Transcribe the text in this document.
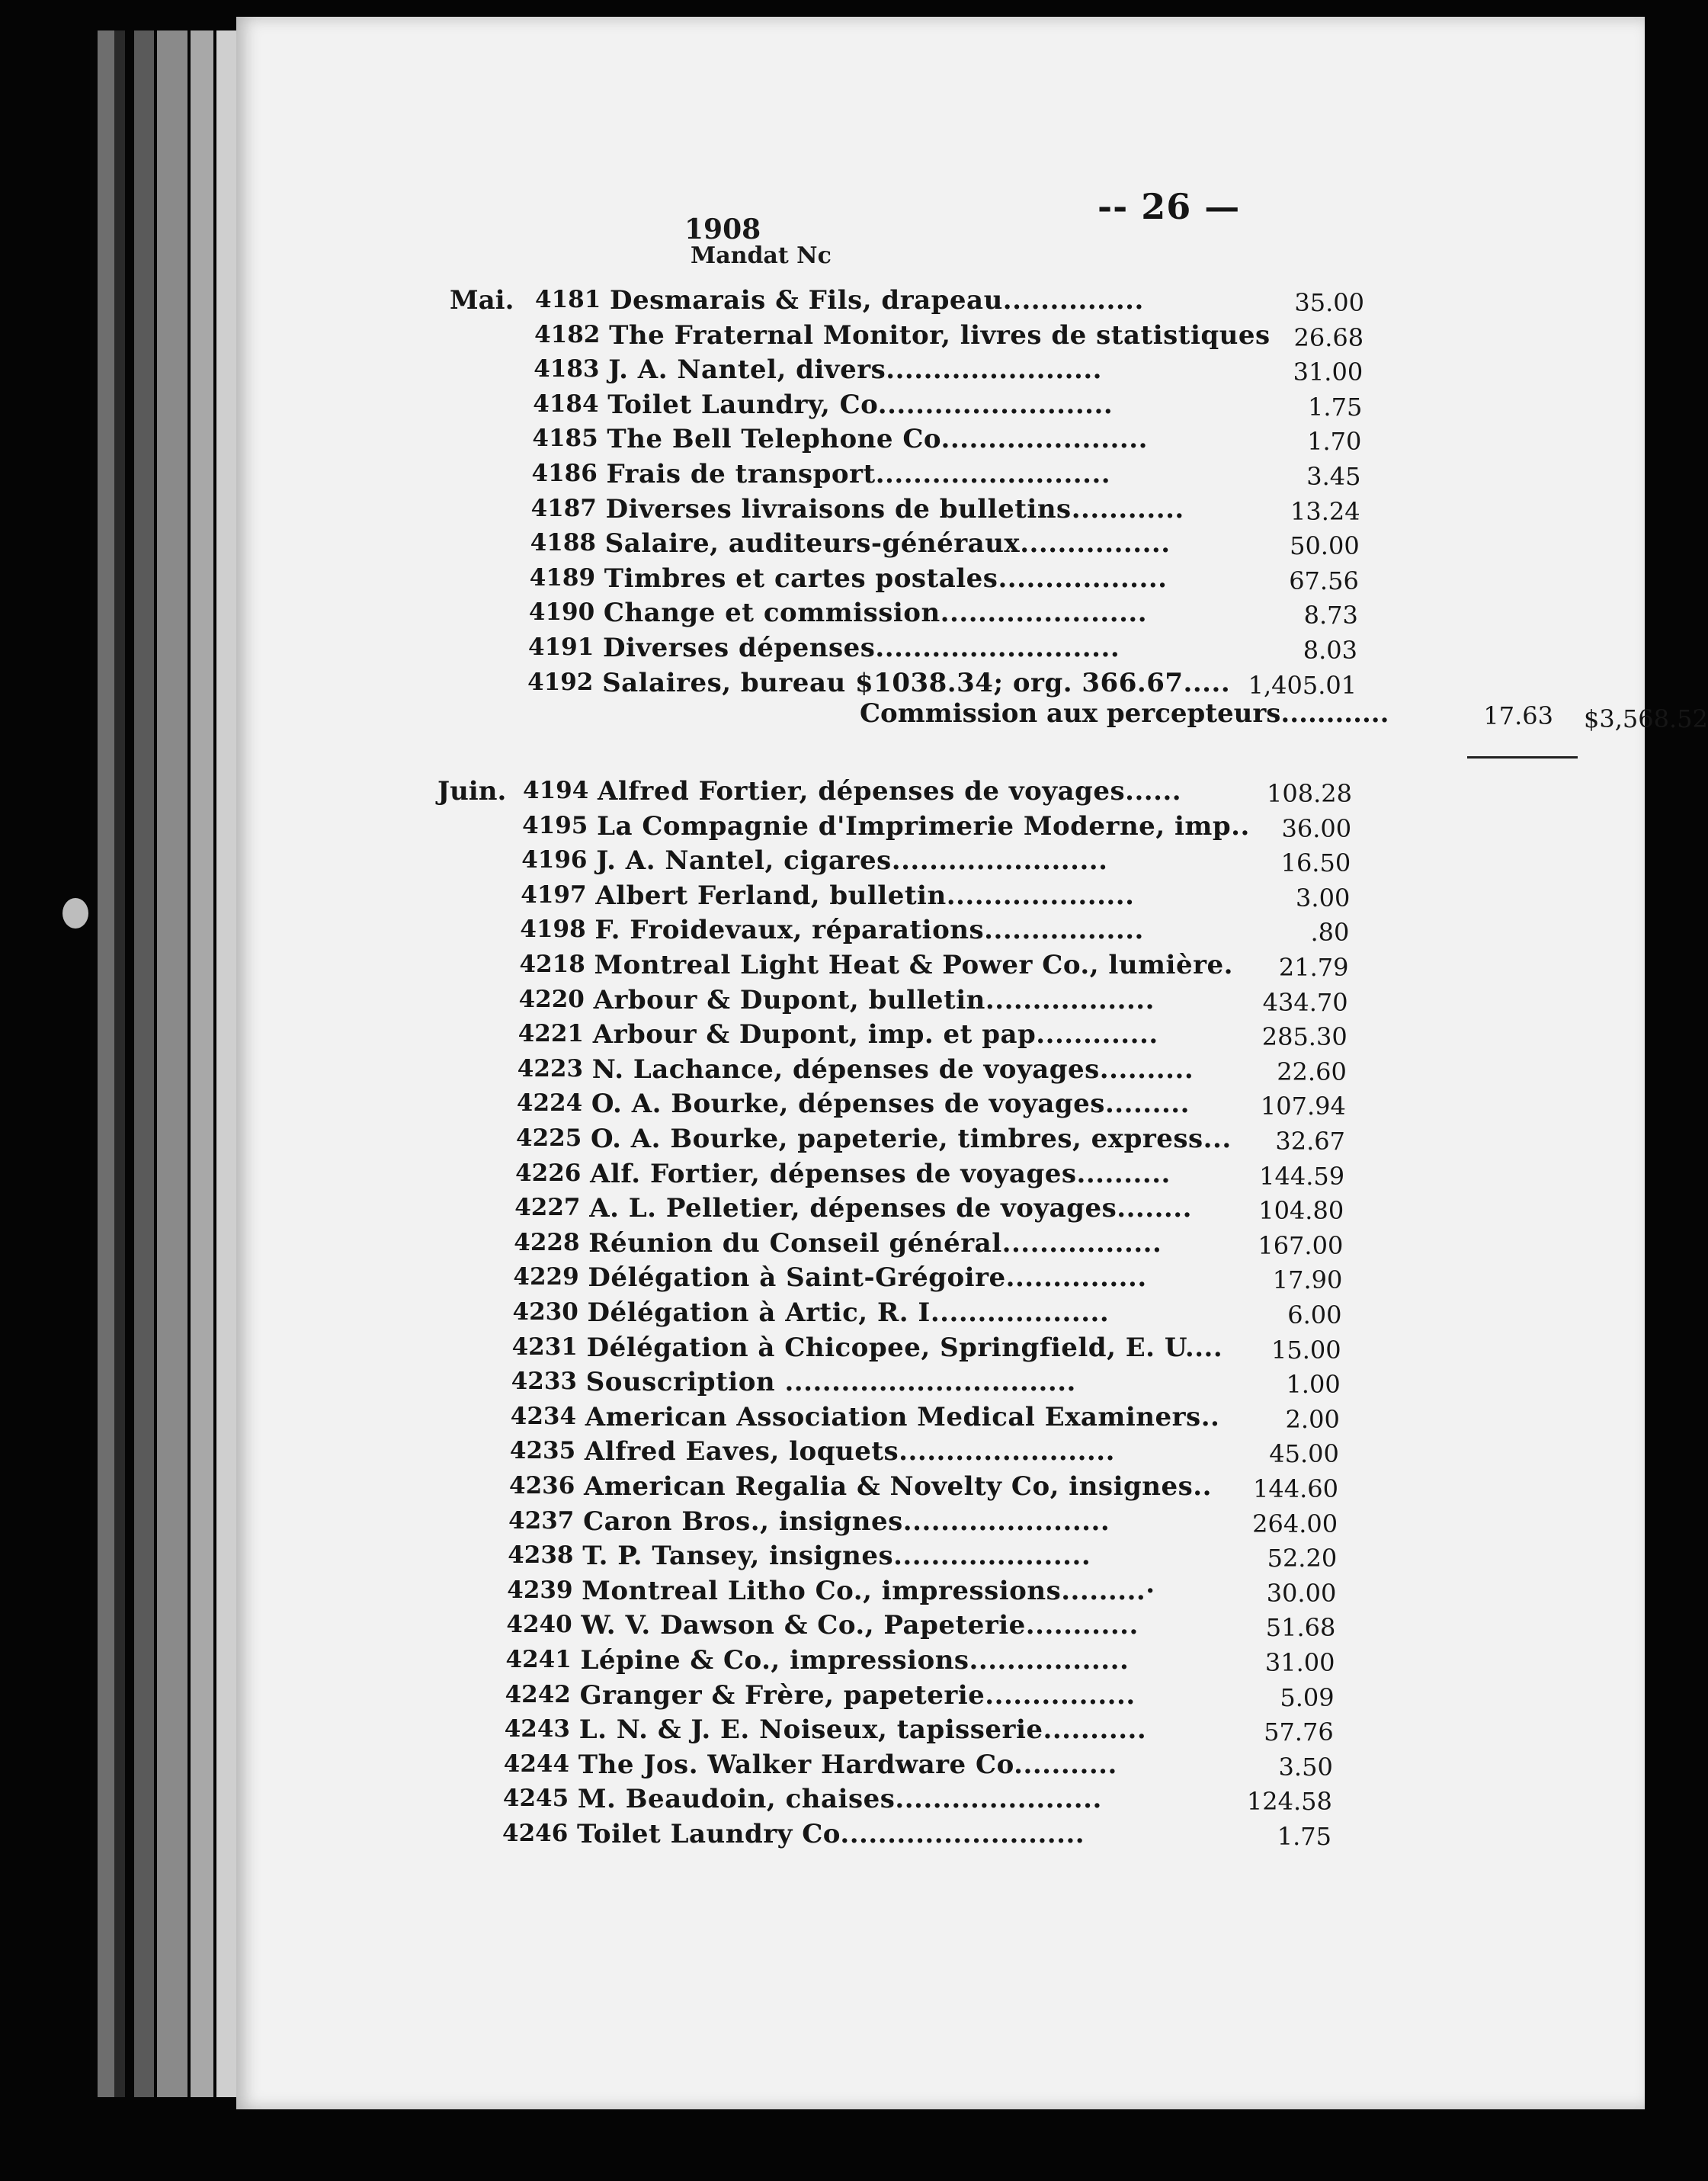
-- 26 —
1908
Mandat Nc
Mai. 4181 Desmarais & Fils, drapeau...............	35.00
4182 The Fraternal Monitor, livres de statistiques 26.68
4183 J. A. Nantel, divers.......................	31.00
4184 Toilet Laundry, Co.........................	1.75
4185 The Bell Telephone Co......................	1.70
4186 Frais de transport.........................	3.45
4187 Diverses livraisons de bulletins............	13.24
4188 Salaire, auditeurs-généraux................	50.00
4189 Timbres et cartes postales..................	67.56
4190 Change et commission......................	8.73
4191 Diverses dépenses..........................	8.03
4192 Salaires, bureau $1038.34; org. 366.67..... 1,405.01
Commission aux percepteurs............	17.63 $3,568.52
Juin. 4194 Alfred Fortier, dépenses de voyages......	108.28
4195 La Compagnie d'Imprimerie Moderne, imp..	36.00
4196 J. A. Nantel, cigares.......................	16.50
4197 Albert Ferland, bulletin....................	3.00
4198 F. Froidevaux, réparations.................	.80
4218 Montreal Light Heat & Power Co., lumière.	21.79
4220 Arbour & Dupont, bulletin..................	434.70
4221 Arbour & Dupont, imp. et pap.............	285.30
4223 N. Lachance, dépenses de voyages..........	22.60
4224 O. A. Bourke, dépenses de voyages.........	107.94
4225 O. A. Bourke, papeterie, timbres, express...	32.67
4226 Alf. Fortier, dépenses de voyages..........	144.59
4227 A. L. Pelletier, dépenses de voyages........	104.80
4228 Réunion du Conseil général.................	167.00
4229 Délégation à Saint-Grégoire...............	17.90
4230 Délégation à Artic, R. I...................	6.00
4231 Délégation à Chicopee, Springfield, E. U....	15.00
4233 Souscription ...............................	1.00
4234 American Association Medical Examiners..	2.00
4235 Alfred Eaves, loquets.......................	45.00
4236 American Regalia & Novelty Co, insignes..	144.60
4237 Caron Bros., insignes......................	264.00
4238 T. P. Tansey, insignes.....................	52.20
4239 Montreal Litho Co., impressions.........·	30.00
4240 W. V. Dawson & Co., Papeterie............	51.68
4241 Lépine & Co., impressions.................	31.00
4242 Granger & Frère, papeterie................	5.09
4243 L. N. & J. E. Noiseux, tapisserie...........	57.76
4244 The Jos. Walker Hardware Co...........	3.50
4245 M. Beaudoin, chaises......................	124.58
4246 Toilet Laundry Co..........................	1.75
